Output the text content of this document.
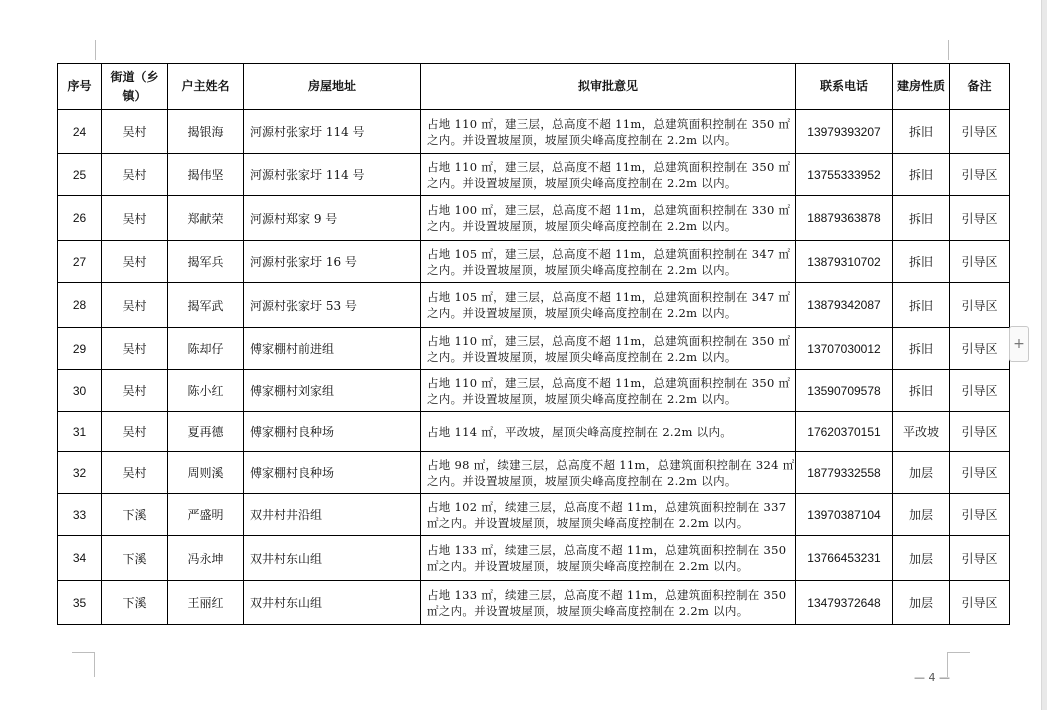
序号	街道（乡镇）	户主姓名	房屋地址	拟审批意见	联系电话	建房性质	备注
24	吴村	揭银海	河源村张家圩 114 号	占地 110 ㎡，建三层，总高度不超 11m，总建筑面积控制在 350 ㎡之内。并设置坡屋顶，坡屋顶尖峰高度控制在 2.2m 以内。	13979393207	拆旧	引导区
25	吴村	揭伟坚	河源村张家圩 114 号	占地 110 ㎡，建三层，总高度不超 11m，总建筑面积控制在 350 ㎡之内。并设置坡屋顶，坡屋顶尖峰高度控制在 2.2m 以内。	13755333952	拆旧	引导区
26	吴村	郑献荣	河源村郑家 9 号	占地 100 ㎡，建三层，总高度不超 11m，总建筑面积控制在 330 ㎡之内。并设置坡屋顶，坡屋顶尖峰高度控制在 2.2m 以内。	18879363878	拆旧	引导区
27	吴村	揭军兵	河源村张家圩 16 号	占地 105 ㎡，建三层，总高度不超 11m，总建筑面积控制在 347 ㎡之内。并设置坡屋顶，坡屋顶尖峰高度控制在 2.2m 以内。	13879310702	拆旧	引导区
28	吴村	揭军武	河源村张家圩 53 号	占地 105 ㎡，建三层，总高度不超 11m，总建筑面积控制在 347 ㎡之内。并设置坡屋顶，坡屋顶尖峰高度控制在 2.2m 以内。	13879342087	拆旧	引导区
29	吴村	陈却仔	傅家棚村前进组	占地 110 ㎡，建三层，总高度不超 11m，总建筑面积控制在 350 ㎡之内。并设置坡屋顶，坡屋顶尖峰高度控制在 2.2m 以内。	13707030012	拆旧	引导区
30	吴村	陈小红	傅家棚村刘家组	占地 110 ㎡，建三层，总高度不超 11m，总建筑面积控制在 350 ㎡之内。并设置坡屋顶，坡屋顶尖峰高度控制在 2.2m 以内。	13590709578	拆旧	引导区
31	吴村	夏再德	傅家棚村良种场	占地 114 ㎡，平改坡，屋顶尖峰高度控制在 2.2m 以内。	17620370151	平改坡	引导区
32	吴村	周则溪	傅家棚村良种场	占地 98 ㎡，续建三层，总高度不超 11m，总建筑面积控制在 324 ㎡之内。并设置坡屋顶，坡屋顶尖峰高度控制在 2.2m 以内。	18779332558	加层	引导区
33	下溪	严盛明	双井村井沿组	占地 102 ㎡，续建三层，总高度不超 11m，总建筑面积控制在 337 ㎡之内。并设置坡屋顶，坡屋顶尖峰高度控制在 2.2m 以内。	13970387104	加层	引导区
34	下溪	冯永坤	双井村东山组	占地 133 ㎡，续建三层，总高度不超 11m，总建筑面积控制在 350 ㎡之内。并设置坡屋顶，坡屋顶尖峰高度控制在 2.2m 以内。	13766453231	加层	引导区
35	下溪	王丽红	双井村东山组	占地 133 ㎡，续建三层，总高度不超 11m，总建筑面积控制在 350 ㎡之内。并设置坡屋顶，坡屋顶尖峰高度控制在 2.2m 以内。	13479372648	加层	引导区
+
— 4 —
